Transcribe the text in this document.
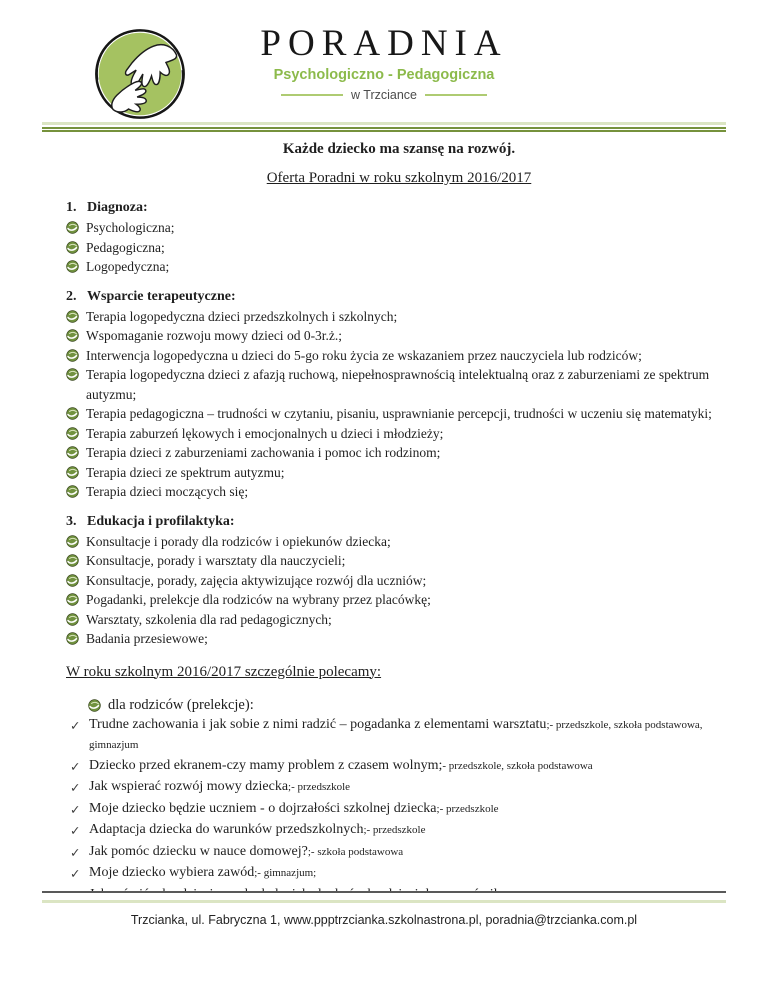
PORADNIA
Psychologiczno - Pedagogiczna
w Trzciance
Każde dziecko ma szansę na rozwój.
Oferta Poradni w roku szkolnym 2016/2017
1. Diagnoza:
Psychologiczna;
Pedagogiczna;
Logopedyczna;
2. Wsparcie terapeutyczne:
Terapia logopedyczna dzieci przedszkolnych i szkolnych;
Wspomaganie rozwoju mowy dzieci od 0-3r.ż.;
Interwencja logopedyczna u dzieci do 5-go roku życia ze wskazaniem przez nauczyciela lub rodziców;
Terapia logopedyczna dzieci z afazją ruchową, niepełnosprawnością intelektualną oraz z zaburzeniami ze spektrum autyzmu;
Terapia pedagogiczna – trudności w czytaniu, pisaniu, usprawnianie percepcji, trudności w uczeniu się matematyki;
Terapia zaburzeń lękowych i emocjonalnych u dzieci i młodzieży;
Terapia dzieci z zaburzeniami zachowania i pomoc ich rodzinom;
Terapia dzieci ze spektrum autyzmu;
Terapia dzieci moczących się;
3. Edukacja i profilaktyka:
Konsultacje i porady dla rodziców i opiekunów dziecka;
Konsultacje, porady i warsztaty dla nauczycieli;
Konsultacje, porady, zajęcia aktywizujące rozwój dla uczniów;
Pogadanki, prelekcje dla rodziców na wybrany przez placówkę;
Warsztaty, szkolenia dla rad pedagogicznych;
Badania przesiewowe;
W roku szkolnym 2016/2017 szczególnie polecamy:
dla rodziców (prelekcje):
✓ Trudne zachowania i jak sobie z nimi radzić – pogadanka z elementami warsztatu;- przedszkole, szkoła podstawowa, gimnazjum
✓ Dziecko przed ekranem-czy mamy problem z czasem wolnym;- przedszkole, szkoła podstawowa
✓ Jak wspierać rozwój mowy dziecka;- przedszkole
✓ Moje dziecko będzie uczniem - o dojrzałości szkolnej dziecka;- przedszkole
✓ Adaptacja dziecka do warunków przedszkolnych;- przedszkole
✓ Jak pomóc dziecku w nauce domowej?;- szkoła podstawowa
✓ Moje dziecko wybiera zawód;- gimnazjum;
Trzcianka, ul. Fabryczna 1, www.ppptrzcianka.szkolnastrona.pl, poradnia@trzcianka.com.pl
